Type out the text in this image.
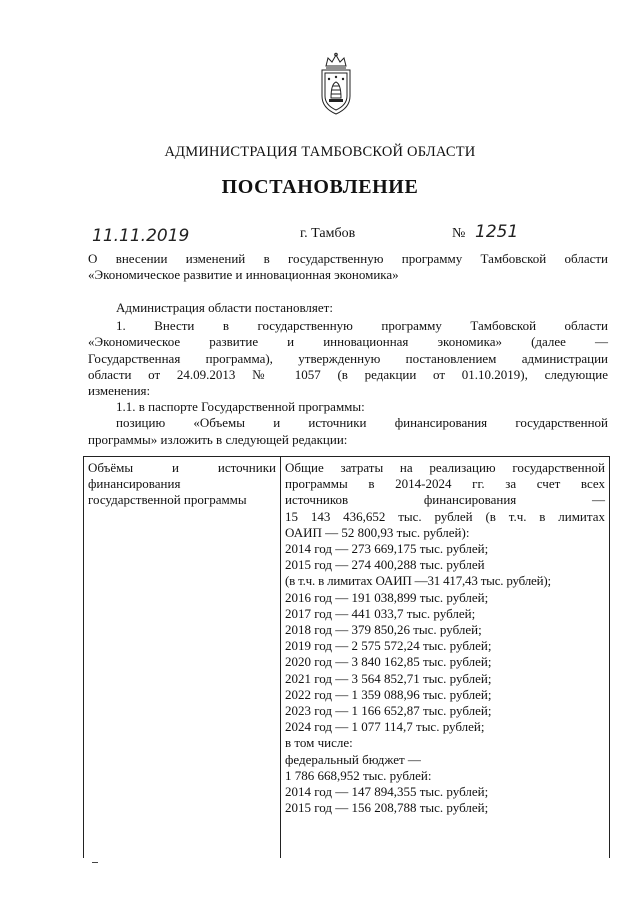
АДМИНИСТРАЦИЯ ТАМБОВСКОЙ ОБЛАСТИ
ПОСТАНОВЛЕНИЕ
11.11.2019	г. Тамбов	№ 1251
О внесении изменений в государственную программу Тамбовской области
«Экономическое развитие и инновационная экономика»

Администрация области постановляет:

1. Внести в государственную программу Тамбовской области
«Экономическое развитие и инновационная экономика» (далее —
Государственная программа), утвержденную постановлением администрации
области от 24.09.2013 № 1057 (в редакции от 01.10.2019), следующие
изменения:

1.1. в паспорте Государственной программы:

позицию «Объемы и источники финансирования государственной
программы» изложить в следующей редакции:
Объёмы и источники
финансирования
государственной программы
Общие затраты на реализацию государственной
программы в 2014-2024 гг. за счет всех
источников финансирования —
15 143 436,652 тыс. рублей (в т.ч. в лимитах
ОАИП — 52 800,93 тыс. рублей):
2014 год — 273 669,175 тыс. рублей;
2015 год — 274 400,288 тыс. рублей
(в т.ч. в лимитах ОАИП —31 417,43 тыс. рублей);
2016 год — 191 038,899 тыс. рублей;
2017 год — 441 033,7 тыс. рублей;
2018 год — 379 850,26 тыс. рублей;
2019 год — 2 575 572,24 тыс. рублей;
2020 год — 3 840 162,85 тыс. рублей;
2021 год — 3 564 852,71 тыс. рублей;
2022 год — 1 359 088,96 тыс. рублей;
2023 год — 1 166 652,87 тыс. рублей;
2024 год — 1 077 114,7 тыс. рублей;
в том числе:
федеральный бюджет —
1 786 668,952 тыс. рублей:
2014 год — 147 894,355 тыс. рублей;
2015 год — 156 208,788 тыс. рублей;
